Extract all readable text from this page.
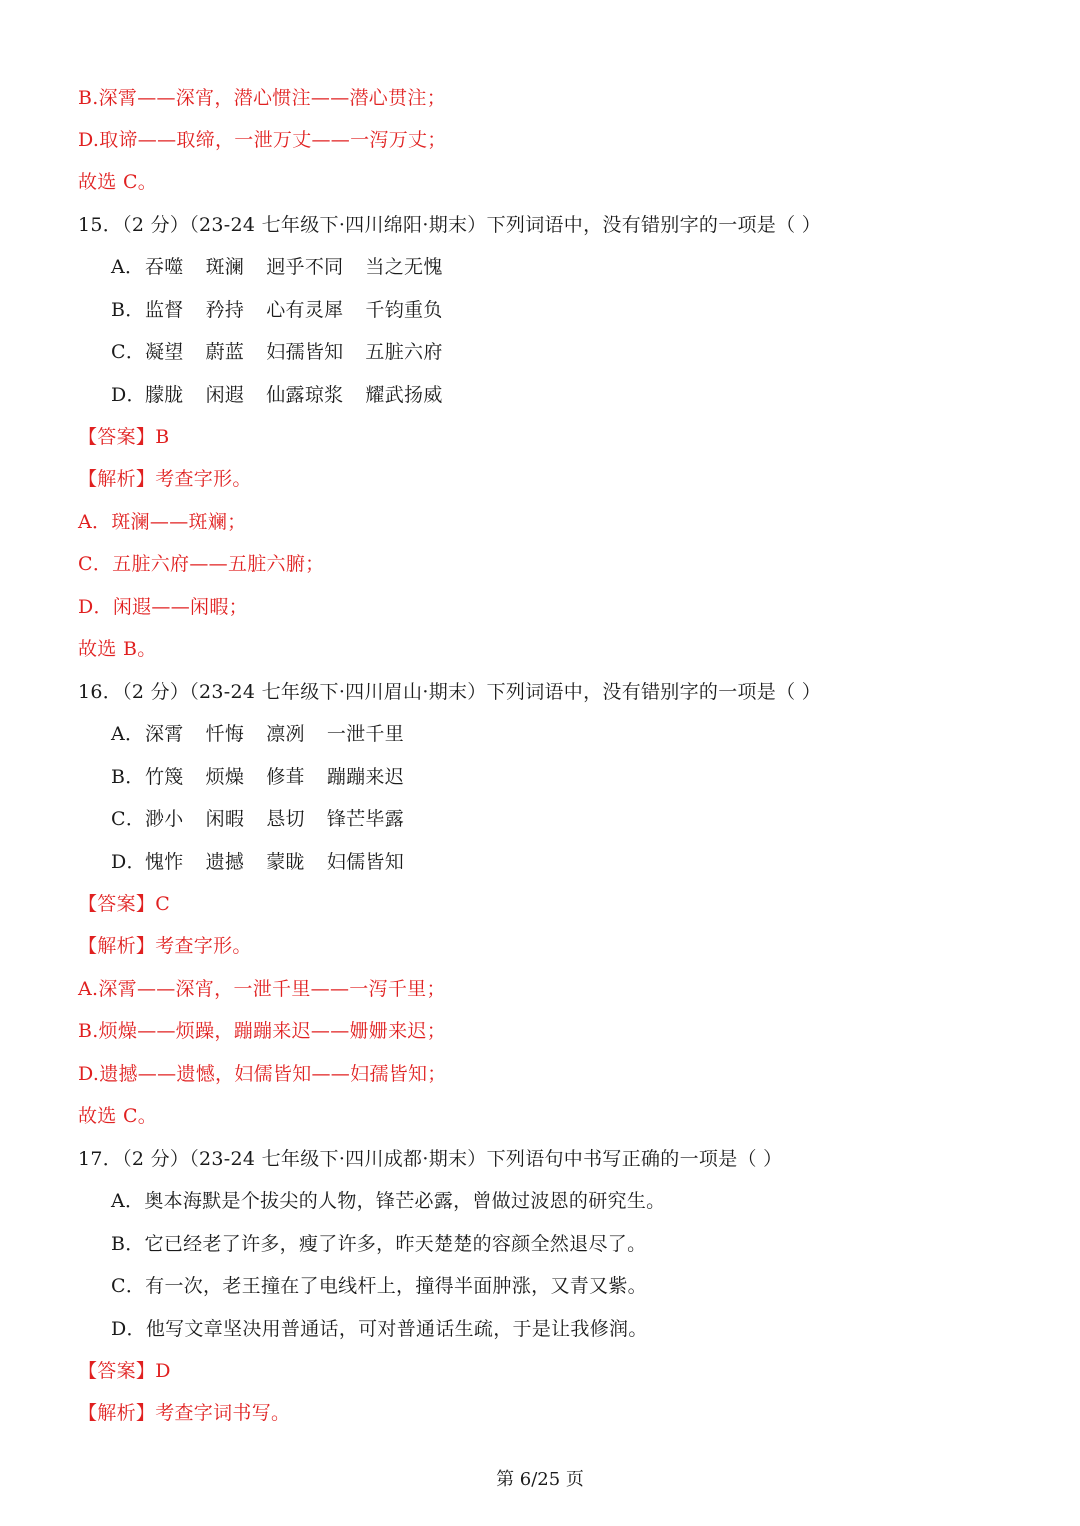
B.深霄——深宵，潜心惯注——潜心贯注；
D.取谛——取缔，一泄万丈——一泻万丈；
故选 C。
15．（2 分）（23-24 七年级下·四川绵阳·期末）下列词语中，没有错别字的一项是（ ）
A．吞噬 斑澜 迥乎不同 当之无愧
B．监督 矜持 心有灵犀 千钧重负
C．凝望 蔚蓝 妇孺皆知 五脏六府
D．朦胧 闲遐 仙露琼浆 耀武扬威
【答案】B
【解析】考查字形。
A．斑澜——斑斓；
C．五脏六府——五脏六腑；
D．闲遐——闲暇；
故选 B。
16．（2 分）（23-24 七年级下·四川眉山·期末）下列词语中，没有错别字的一项是（ ）
A．深霄 忏悔 凛冽 一泄千里
B．竹篾 烦燥 修葺 蹦蹦来迟
C．渺小 闲暇 恳切 锋芒毕露
D．愧怍 遗撼 蒙眬 妇儒皆知
【答案】C
【解析】考查字形。
A.深霄——深宵，一泄千里——一泻千里；
B.烦燥——烦躁，蹦蹦来迟——姗姗来迟；
D.遗撼——遗憾，妇儒皆知——妇孺皆知；
故选 C。
17．（2 分）（23-24 七年级下·四川成都·期末）下列语句中书写正确的一项是（ ）
A．奥本海默是个拔尖的人物，锋芒必露，曾做过波恩的研究生。
B．它已经老了许多，瘦了许多，昨天楚楚的容颜全然退尽了。
C．有一次，老王撞在了电线杆上，撞得半面肿涨，又青又紫。
D．他写文章坚决用普通话，可对普通话生疏，于是让我修润。
【答案】D
【解析】考查字词书写。
第 6/25 页
